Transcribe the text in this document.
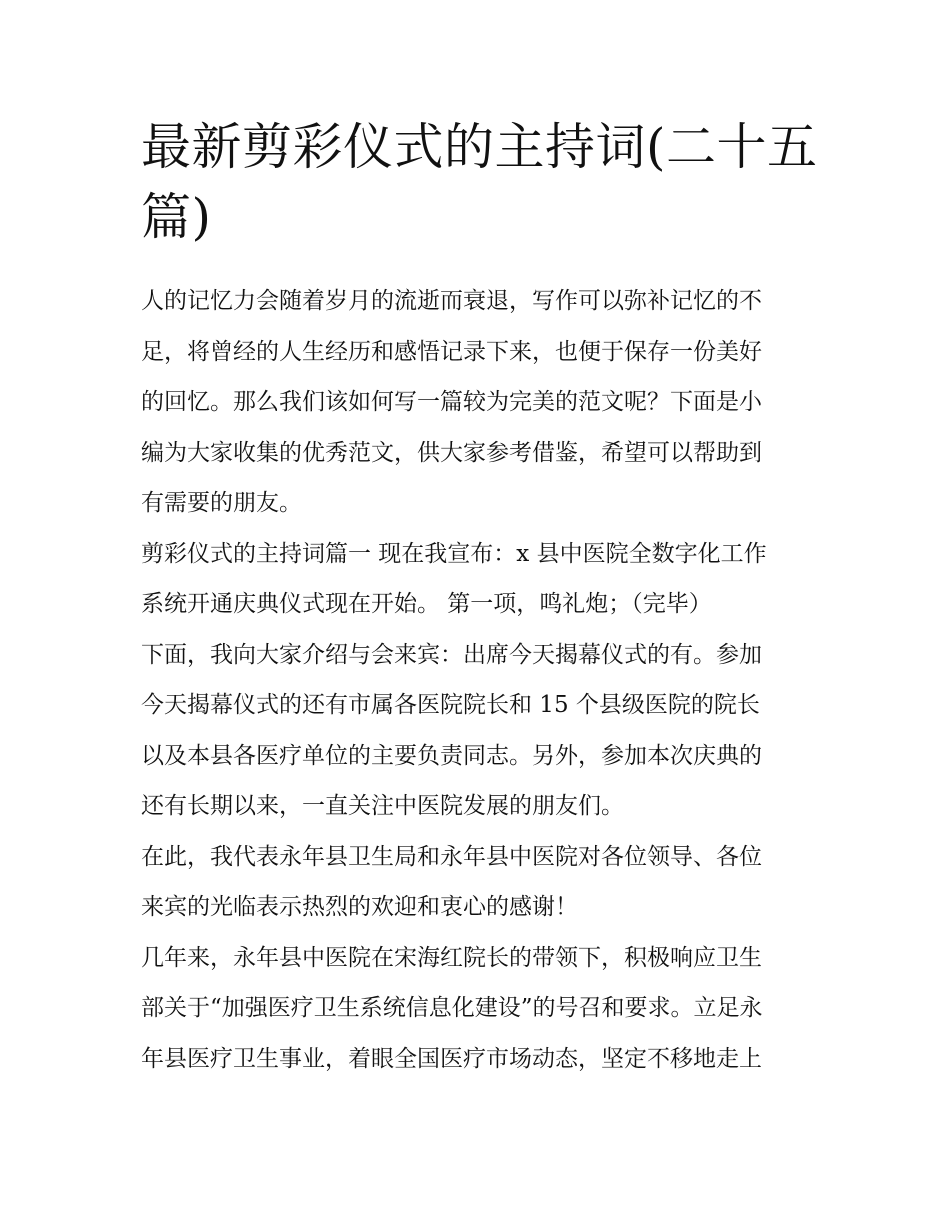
最新剪彩仪式的主持词(二十五
篇)

人的记忆力会随着岁月的流逝而衰退，写作可以弥补记忆的不
足，将曾经的人生经历和感悟记录下来，也便于保存一份美好
的回忆。那么我们该如何写一篇较为完美的范文呢？下面是小
编为大家收集的优秀范文，供大家参考借鉴，希望可以帮助到
有需要的朋友。

剪彩仪式的主持词篇一 现在我宣布：x 县中医院全数字化工作
系统开通庆典仪式现在开始。 第一项，鸣礼炮；（完毕）

下面，我向大家介绍与会来宾：出席今天揭幕仪式的有。参加
今天揭幕仪式的还有市属各医院院长和 15 个县级医院的院长
以及本县各医疗单位的主要负责同志。另外，参加本次庆典的
还有长期以来，一直关注中医院发展的朋友们。

在此，我代表永年县卫生局和永年县中医院对各位领导、各位
来宾的光临表示热烈的欢迎和衷心的感谢！

几年来，永年县中医院在宋海红院长的带领下，积极响应卫生
部关于“加强医疗卫生系统信息化建设”的号召和要求。立足永
年县医疗卫生事业，着眼全国医疗市场动态，坚定不移地走上
